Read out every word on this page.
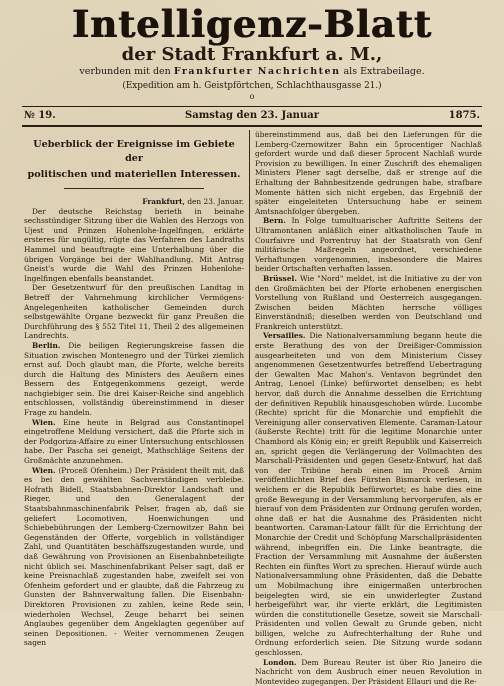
Intelligenz-Blatt
der Stadt Frankfurt a. M.,
verbunden mit den Frankfurter Nachrichten als Extrabeilage.
(Expedition am h. Geistpförtchen, Schlachthausgasse 21.)
o
№ 19.	Samstag den 23. Januar	1875.
Ueberblick der Ereignisse im Gebiete der
politischen und materiellen Interessen.

Frankfurt, den 23. Januar.

Der deutsche Reichstag berieth in beinahe sechsstündiger Sitzung über die Wahlen des Herzogs von Ujest und Prinzen Hohenlohe-Ingelfingen, erklärte ersteres für ungültig, rügte das Verfahren des Landraths Hammel und beauftragte eine Unterhalbung über die übrigen Vorgänge bei der Wahlhandlung. Mit Antrag Gneist's wurde die Wahl des Prinzen Hohenlohe-Ingelfingen ebenfalls beanstandet.

Der Gesetzentwurf für den preußischen Landtag in Betreff der Vahrnehmung kirchlicher Vermögens-Angelegenheiten katholischer Gemeinden durch selbstgewählte Organe bezweckt für ganz Preußen die Durchführung des § 552 Titel 11, Theil 2 des allgemeinen Landrechts.

Berlin. Die beiligen Regierungskreise fassen die Situation zwischen Montenegro und der Türkei ziemlich ernst auf. Doch glaubt man, die Pforte, welche bereits durch die Haltung des Ministers des Aeußern eines Bessern des Entgegenkommens gezeigt, werde nachgiebiger sein. Die drei Kaiser-Reiche sind angeblich entschlossen, vollständig übereinstimmend in dieser Frage zu handeln.

Wien. Eine heute in Belgrad aus Constantinopel eingetroffene Meldung versichert, daß die Pforte sich in der Podgoriza-Affaire zu einer Untersuchung entschlossen habe. Der Pascha sei geneigt, Mathschläge Seitens der Großmächte anzunehmen.

Wien. (Proceß Ofenheim.) Der Präsident theilt mit, daß es bei den gewählten Sachverständigen verbleibe. Hofrath Bidell, Staatsbahnen-Direktor Landschaft und Rieger, und den Generalagent der Staatsbahnmaschinenfabrik Pelser, fragen ab, daß sie geliefert Locomotiven, Hoenwichungen und Schiebebührungen der Lemberg-Czernowitzer Bahn bei Gegenständen der Offerte, vorgeblich in vollständiger Zahl, und Quantitäten beschäffszugestanden wurde, und daß Gewährung von Provisionen an Eisenbahnbeteiligte nicht üblich sei. Maschinenfabrikant Pelser sagt, daß er keine Preisnachlaß zugestanden habe, zweifelt sei von Ofenheim gefordert und er glaubte, daß die Fahrzeug zu Gunsten der Bahnverwaltung fallen. Die Eisenbahn-Direktoren Provisionen zu zahlen, keine Rede sein, wiederholen Wechsel, Zeuge beharrt bei seinen Anglaubes gegenüber dem Angeklagten gegenüber auf seinen Depositionen. - Weiter vernommenen Zeugen sagen

übereinstimmend aus, daß bei den Lieferungen für die Lemberg-Czernowitzer Bahn ein 5procentiger Nachlaß gefordert wurde und daß dieser 5procent Nachlaß wurde Provision zu bewilligen. In einer Zuschrift des ehemaligen Ministers Plener sagt derselbe, daß er strenge auf die Erhaltung der Bahnbesitzende gedrungen habe, strafbare Momente hätten sich nicht ergeben, das Ergebniß der später eingeleiteten Untersuchung habe er seinem Amtsnachfolger übergeben.

Bern. In Folge tumultuarischer Auftritte Seitens der Ultramontanen anläßlich einer altkatholischen Taufe in Courfaivre und Porrentruy hat der Staatsrath von Genf militärische Maßregeln angeordnet, verschiedene Verhaftungen vorgenommen, insbesondere die Maires beider Ortschaften verhaften lassen.

Brüssel. Wie "Nord" meldet, ist die Initiative zu der von den Großmächten bei der Pforte erhobenen energischen Vorstellung von Rußland und Oesterreich ausgegangen. Zwischen beiden Mächten herrsche völliges Einverständniß; dieselben werden von Deutschland und Frankreich unterstützt.

Versailles. Die Nationalversammlung begann heute die erste Berathung des von der Dreißiger-Commission ausgearbeiteten und von dem Ministerium Cissey angenommenen Gesetzentwurfes betreffend Uebertragung der Gewalten Mac Mahon's. Ventavon begründet den Antrag, Lenoel (Linke) befürwortet denselben; es hebt hervor, daß durch die Annahme desselben die Errichtung der definitiven Republik hinausgeschoben würde. Lucombe (Rechte) spricht für die Monarchie und empfiehlt die Vereinigung aller conservativen Elemente. Caraman-Latour (äußerste Rechte) tritt für die legitime Monarchie unter Chambord als König ein; er greift Republik und Kaiserreich an, spricht gegen die Verlängerung der Vollmachten des Marschall-Präsidenten und gegen Gesetz-Entwurf, hat daß von der Tribüne herab einen im Proceß Arnim veröffentlichten Brief des Fürsten Bismarck verlesen, in welchem er die Republik befürwortet; es habe dies eine große Bewegung in der Versammlung hervorgerufen, als er hierauf von dem Präsidenten zur Ordnung gerufen worden, ohne daß er hat die Ausnahme des Präsidenten nicht beantworten. Caraman-Latour fällt für die Errichtung der Monarchie der Credit und Schöpfung Marschallpräsidenten während, inbegriffen ein. Die Linke beantragte, die Fraction der Versammlung mit Ausnahme der äußersten Rechten ein fünftes Wort zu sprechen. Hierauf würde auch Nationalversammlung ohne Präsidenten, daß die Debatte um Mobilmachung ihre einigermaßen unterbrochen beigelegten wird, sie ein unwiderlegter Zustand herbeigeführt war, ihr vierte erklärt, die Legitimisten würden die constitutionelle Gesetze, soweit sie Marschall-Präsidenten und vollen Gewalt zu Grunde geben, nicht billigen, welche zu Aufrechterhaltung der Ruhe und Ordnung erforderlich seien. Die Sitzung wurde sodann geschlossen.

London. Dem Bureau Reuter ist über Rio Janeiro die Nachricht von dem Ausbruch einer neuen Revolution in Montevideo zugegangen. Der Präsident Ellauri und die Re-
